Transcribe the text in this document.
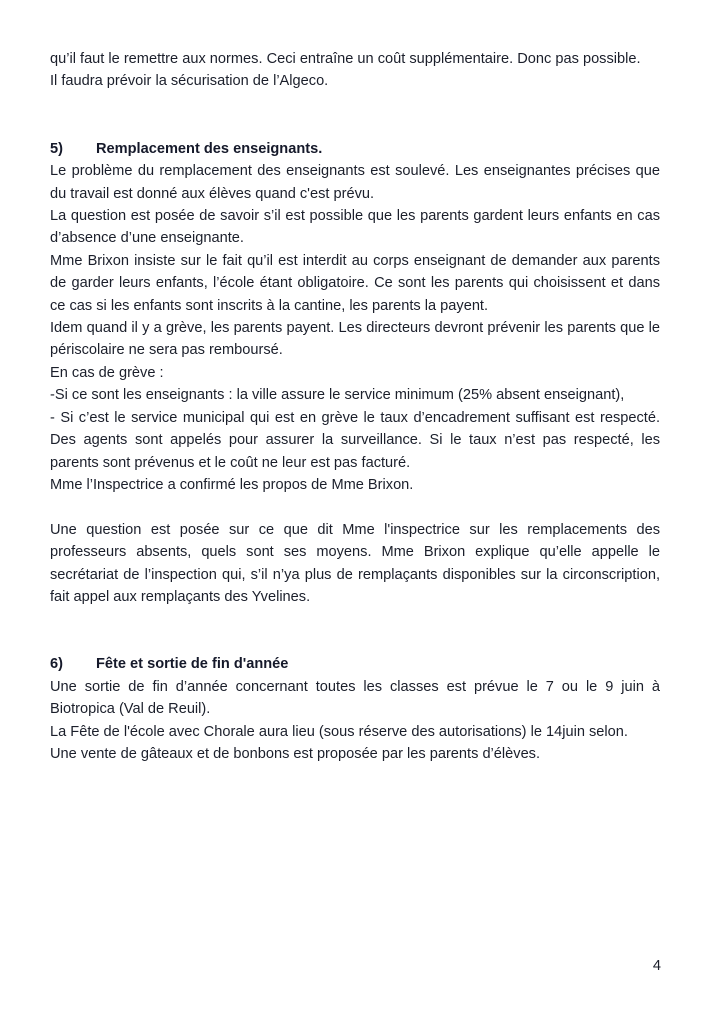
qu’il faut le remettre aux normes. Ceci entraîne un coût supplémentaire. Donc pas possible.

Il faudra prévoir la sécurisation de l’Algeco.

5) Remplacement des enseignants.

Le problème du remplacement des enseignants est soulevé. Les enseignantes précises que du travail est donné aux élèves quand c'est prévu.

La question est posée de savoir s’il est possible que les parents gardent leurs enfants en cas d’absence d’une enseignante.

Mme Brixon insiste sur le fait qu’il est interdit au corps enseignant de demander aux parents de garder leurs enfants, l’école étant obligatoire. Ce sont les parents qui choisissent et dans ce cas si les enfants sont inscrits à la cantine, les parents la payent.

Idem quand il y a grève, les parents payent. Les directeurs devront prévenir les parents que le périscolaire ne sera pas remboursé.

En cas de grève :

-Si ce sont les enseignants : la ville assure le service minimum (25% absent enseignant),

- Si c’est le service municipal qui est en grève le taux d’encadrement suffisant est respecté. Des agents sont appelés pour assurer la surveillance. Si le taux n’est pas respecté, les parents sont prévenus et le coût ne leur est pas facturé.

Mme l’Inspectrice a confirmé les propos de Mme Brixon.

Une question est posée sur ce que dit Mme l'inspectrice sur les remplacements des professeurs absents, quels sont ses moyens. Mme Brixon explique qu’elle appelle le secrétariat de l’inspection qui, s’il n’ya plus de remplaçants disponibles sur la circonscription, fait appel aux remplaçants des Yvelines.

6) Fête et sortie de fin d'année

Une sortie de fin d’année concernant toutes les classes est prévue le 7 ou le 9 juin à Biotropica (Val de Reuil).

La Fête de l'école avec Chorale aura lieu (sous réserve des autorisations) le 14juin selon.

Une vente de gâteaux et de bonbons est proposée par les parents d’élèves.

4
